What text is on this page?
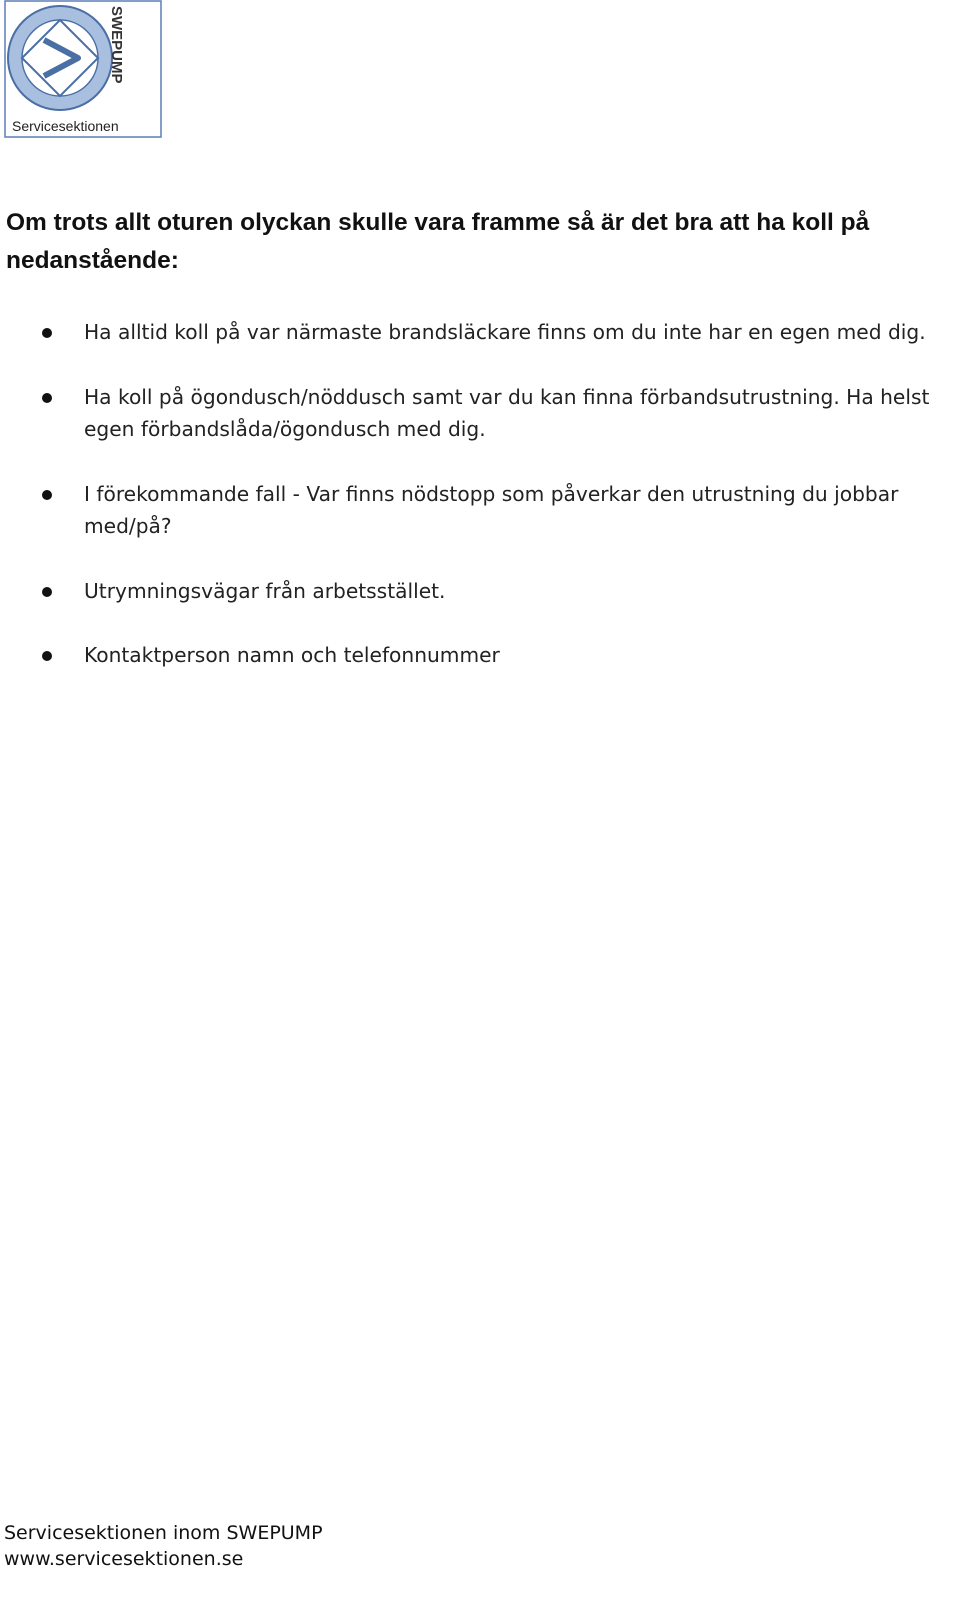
SWEPUMP
Servicesektionen
Om trots allt oturen olyckan skulle vara framme så är det bra att ha koll på nedanstående:
Ha alltid koll på var närmaste brandsläckare finns om du inte har en egen med dig.
Ha koll på ögondusch/nöddusch samt var du kan finna förbandsutrustning. Ha helst egen förbandslåda/ögondusch med dig.
I förekommande fall - Var finns nödstopp som påverkar den utrustning du jobbar med/på?
Utrymningsvägar från arbetsstället.
Kontaktperson namn och telefonnummer
Servicesektionen inom SWEPUMP
www.servicesektionen.se
